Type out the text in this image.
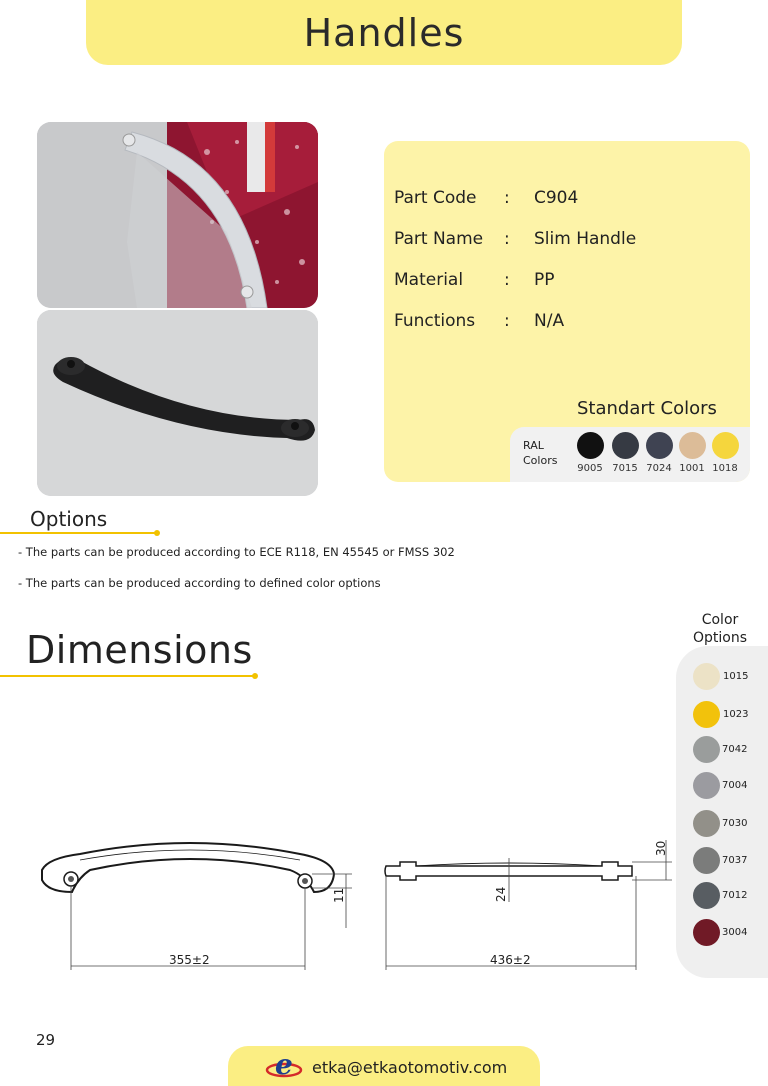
Handles
Part Code : C904
Part Name : Slim Handle
Material : PP
Functions : N/A
Standart Colors
RAL
Colors
9005 7015 7024 1001 1018
Options
- The parts can be produced according to ECE R118, EN 45545 or FMSS 302
- The parts can be produced according to defined color options
Dimensions
355±2
11
436±2
24
30
Color
Options
1015
1023
7042
7004
7030
7037
7012
3004
29
e etka@etkaotomotiv.com
